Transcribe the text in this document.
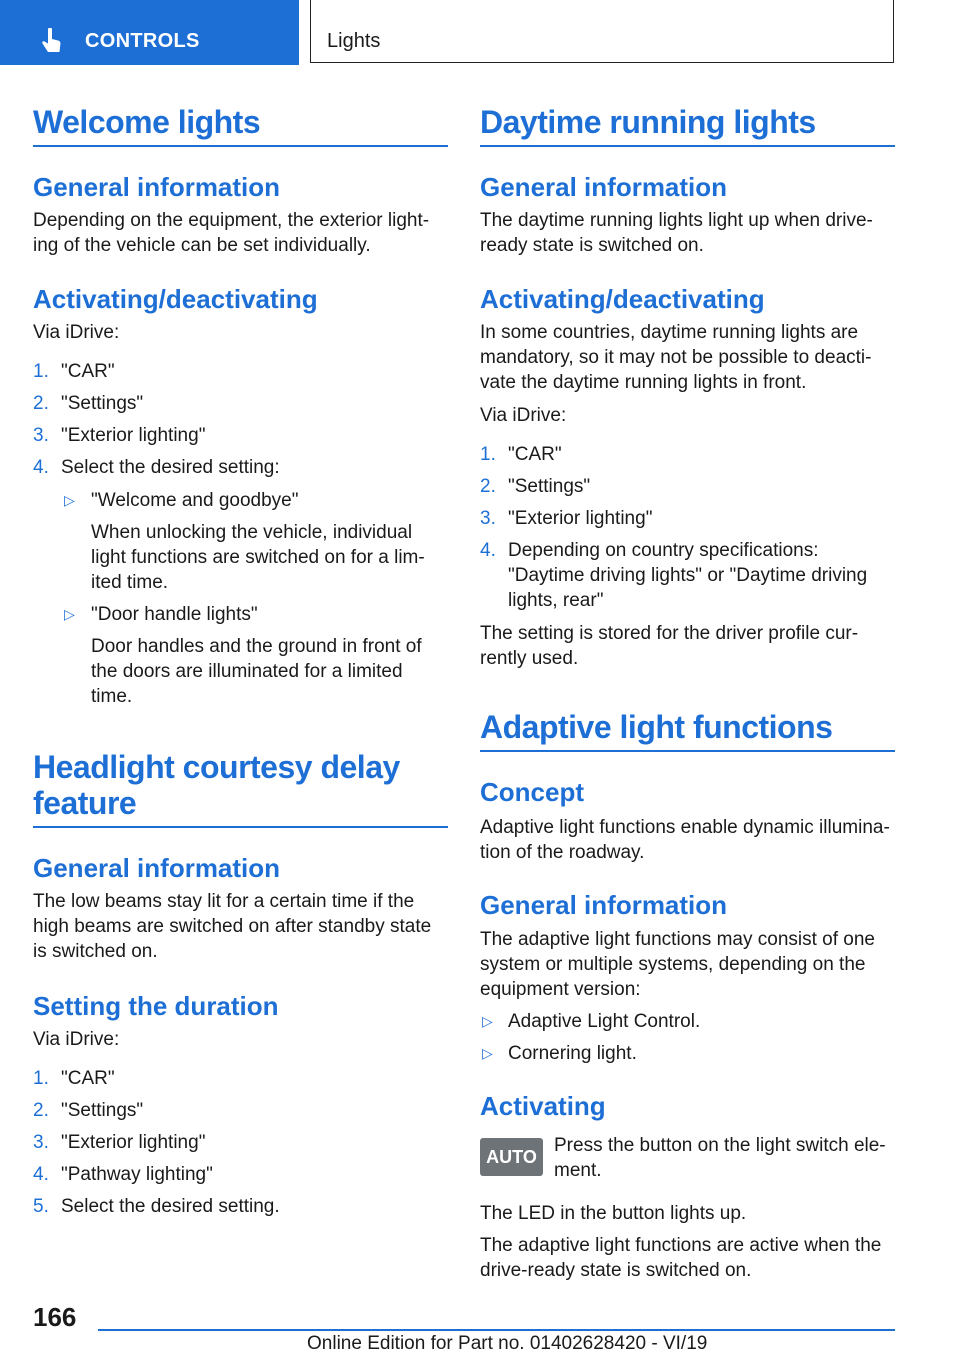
CONTROLS	Lights
Welcome lights
General information
Depending on the equipment, the exterior light-
ing of the vehicle can be set individually.
Activating/deactivating
Via iDrive:
1. "CAR"
2. "Settings"
3. "Exterior lighting"
4. Select the desired setting:
▷ "Welcome and goodbye"
When unlocking the vehicle, individual
light functions are switched on for a lim-
ited time.
▷ "Door handle lights"
Door handles and the ground in front of
the doors are illuminated for a limited
time.
Headlight courtesy delay
feature
General information
The low beams stay lit for a certain time if the
high beams are switched on after standby state
is switched on.
Setting the duration
Via iDrive:
1. "CAR"
2. "Settings"
3. "Exterior lighting"
4. "Pathway lighting"
5. Select the desired setting.
Daytime running lights
General information
The daytime running lights light up when drive-
ready state is switched on.
Activating/deactivating
In some countries, daytime running lights are
mandatory, so it may not be possible to deacti-
vate the daytime running lights in front.
Via iDrive:
1. "CAR"
2. "Settings"
3. "Exterior lighting"
4. Depending on country specifications:
"Daytime driving lights" or "Daytime driving
lights, rear"
The setting is stored for the driver profile cur-
rently used.
Adaptive light functions
Concept
Adaptive light functions enable dynamic illumina-
tion of the roadway.
General information
The adaptive light functions may consist of one
system or multiple systems, depending on the
equipment version:
▷ Adaptive Light Control.
▷ Cornering light.
Activating
AUTO
Press the button on the light switch ele-
ment.
The LED in the button lights up.
The adaptive light functions are active when the
drive-ready state is switched on.
166
Online Edition for Part no. 01402628420 - VI/19
